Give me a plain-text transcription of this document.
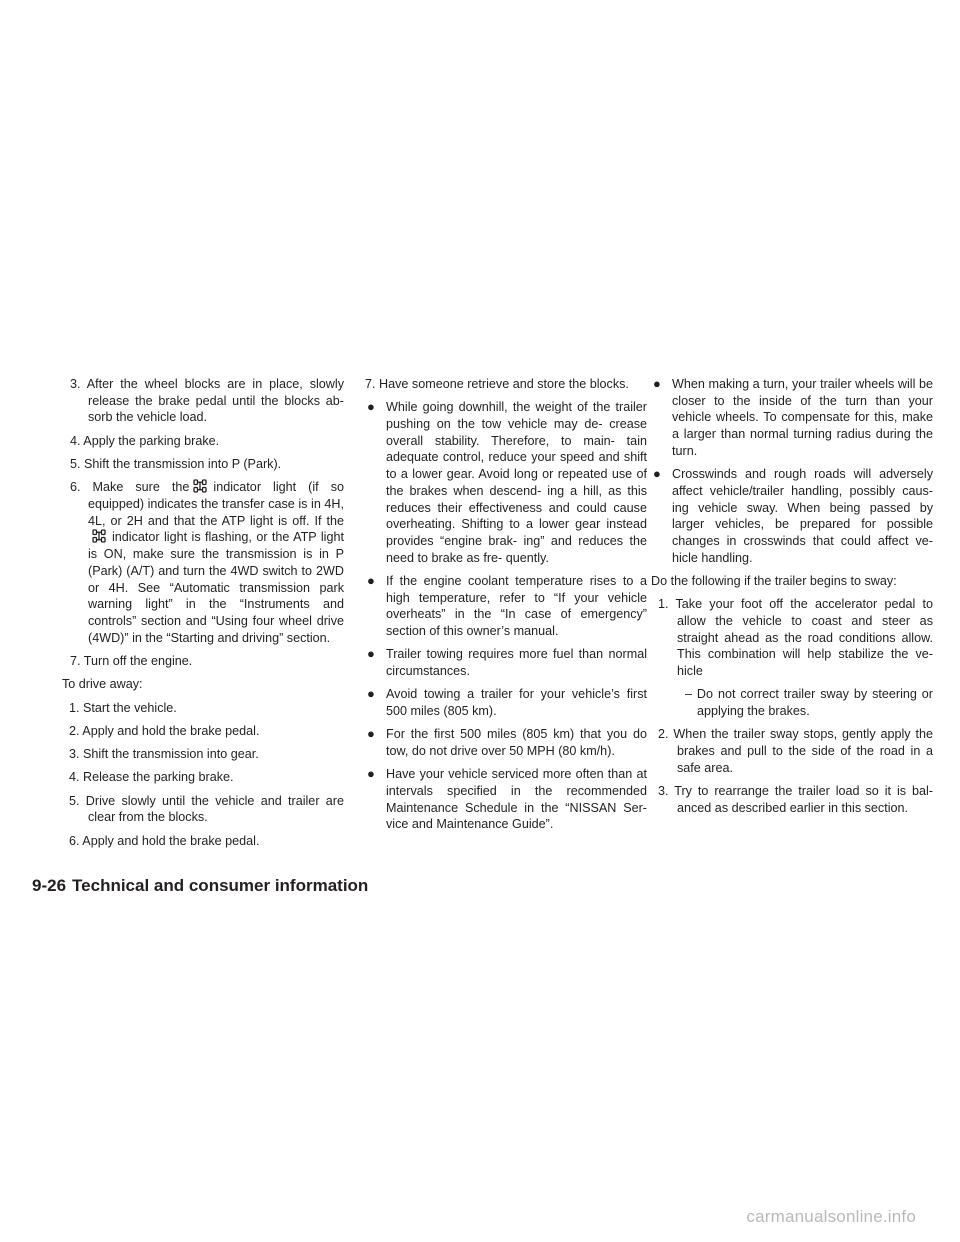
3. After the wheel blocks are in place, slowly release the brake pedal until the blocks ab- sorb the vehicle load.

4. Apply the parking brake.

5. Shift the transmission into P (Park).

6. Make sure the indicator light (if so equipped) indicates the transfer case is in 4H, 4L, or 2H and that the ATP light is off. If theindicator light is flashing, or the ATP light is ON, make sure the transmission is in P (Park) (A/T) and turn the 4WD switch to 2WD or 4H. See “Automatic transmission park warning light” in the “Instruments and controls” section and “Using four wheel drive (4WD)” in the “Starting and driving” section.

7. Turn off the engine.

To drive away:

1. Start the vehicle.

2. Apply and hold the brake pedal.

3. Shift the transmission into gear.

4. Release the parking brake.

5. Drive slowly until the vehicle and trailer are clear from the blocks.

6. Apply and hold the brake pedal.

7. Have someone retrieve and store the blocks.

● While going downhill, the weight of the trailer pushing on the tow vehicle may de- crease overall stability. Therefore, to main- tain adequate control, reduce your speed and shift to a lower gear. Avoid long or repeated use of the brakes when descend- ing a hill, as this reduces their effectiveness and could cause overheating. Shifting to a lower gear instead provides “engine brak- ing” and reduces the need to brake as fre- quently.

● If the engine coolant temperature rises to a high temperature, refer to “If your vehicle overheats” in the “In case of emergency” section of this owner’s manual.

● Trailer towing requires more fuel than normal circumstances.

● Avoid towing a trailer for your vehicle’s first 500 miles (805 km).

● For the first 500 miles (805 km) that you do tow, do not drive over 50 MPH (80 km/h).

● Have your vehicle serviced more often than at intervals specified in the recommended Maintenance Schedule in the “NISSAN Ser- vice and Maintenance Guide”.

● When making a turn, your trailer wheels will be closer to the inside of the turn than your vehicle wheels. To compensate for this, make a larger than normal turning radius during the turn.

● Crosswinds and rough roads will adversely affect vehicle/trailer handling, possibly caus- ing vehicle sway. When being passed by larger vehicles, be prepared for possible changes in crosswinds that could affect ve- hicle handling.

Do the following if the trailer begins to sway:

1. Take your foot off the accelerator pedal to allow the vehicle to coast and steer as straight ahead as the road conditions allow. This combination will help stabilize the ve- hicle

– Do not correct trailer sway by steering or applying the brakes.

2. When the trailer sway stops, gently apply the brakes and pull to the side of the road in a safe area.

3. Try to rearrange the trailer load so it is bal- anced as described earlier in this section.

9-26 Technical and consumer information
carmanualsonline.info
